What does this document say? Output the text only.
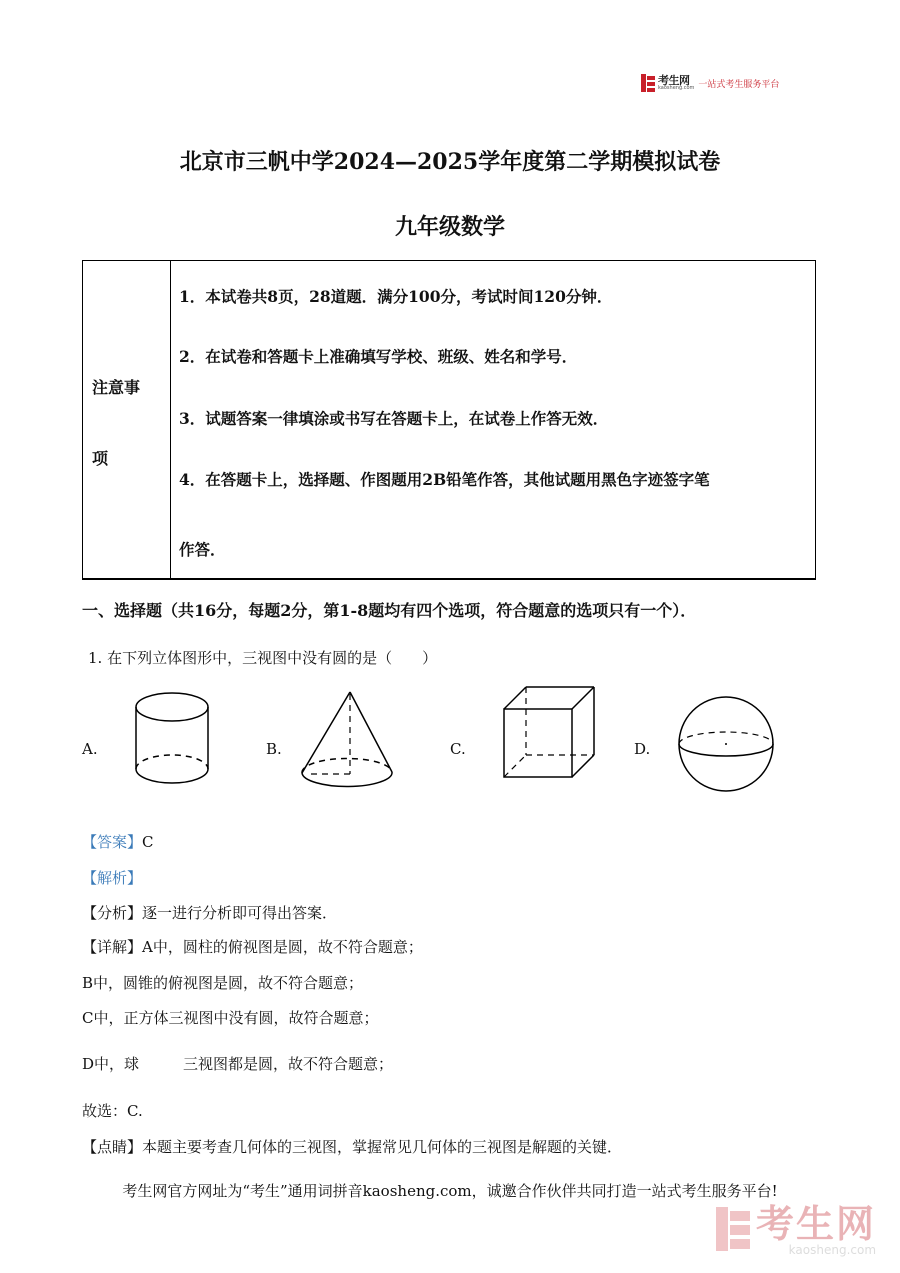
考生网
kaosheng.com 一站式考生服务平台
北京市三帆中学2024—2025学年度第二学期模拟试卷
九年级数学
注意事
项
1．本试卷共8页，28道题．满分100分，考试时间120分钟．
2．在试卷和答题卡上准确填写学校、班级、姓名和学号．
3．试题答案一律填涂或书写在答题卡上，在试卷上作答无效．
4．在答题卡上，选择题、作图题用2B铅笔作答，其他试题用黑色字迹签字笔
作答．
一、选择题（共16分，每题2分，第1-8题均有四个选项，符合题意的选项只有一个）．
1. 在下列立体图形中，三视图中没有圆的是（　　）
A.	B.	C.	D.
【答案】C
【解析】
【分析】逐一进行分析即可得出答案．
【详解】A中，圆柱的俯视图是圆，故不符合题意；
B中，圆锥的俯视图是圆，故不符合题意；
C中，正方体三视图中没有圆，故符合题意；
D中，球	三视图都是圆，故不符合题意；
故选：C.
【点睛】本题主要考查几何体的三视图，掌握常见几何体的三视图是解题的关键．
考生网官方网址为“考生”通用词拼音kaosheng.com，诚邀合作伙伴共同打造一站式考生服务平台!
考生网
kaosheng.com
